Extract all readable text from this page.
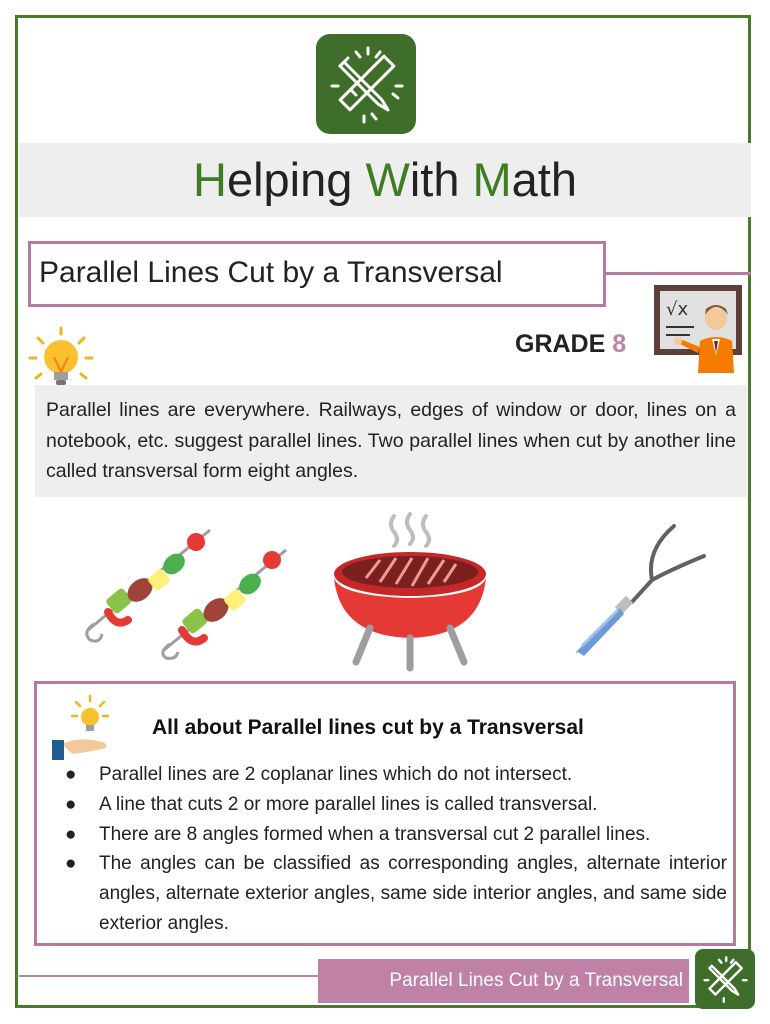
Helping With Math
Parallel Lines Cut by a Transversal
GRADE 8
√x
Parallel lines are everywhere. Railways, edges of window or door, lines on a notebook, etc. suggest parallel lines. Two parallel lines when cut by another line called transversal form eight angles.
All about Parallel lines cut by a Transversal
● Parallel lines are 2 coplanar lines which do not intersect.
● A line that cuts 2 or more parallel lines is called transversal.
● There are 8 angles formed when a transversal cut 2 parallel lines.
● The angles can be classified as corresponding angles, alternate interior angles, alternate exterior angles, same side interior angles, and same side exterior angles.
Parallel Lines Cut by a Transversal
